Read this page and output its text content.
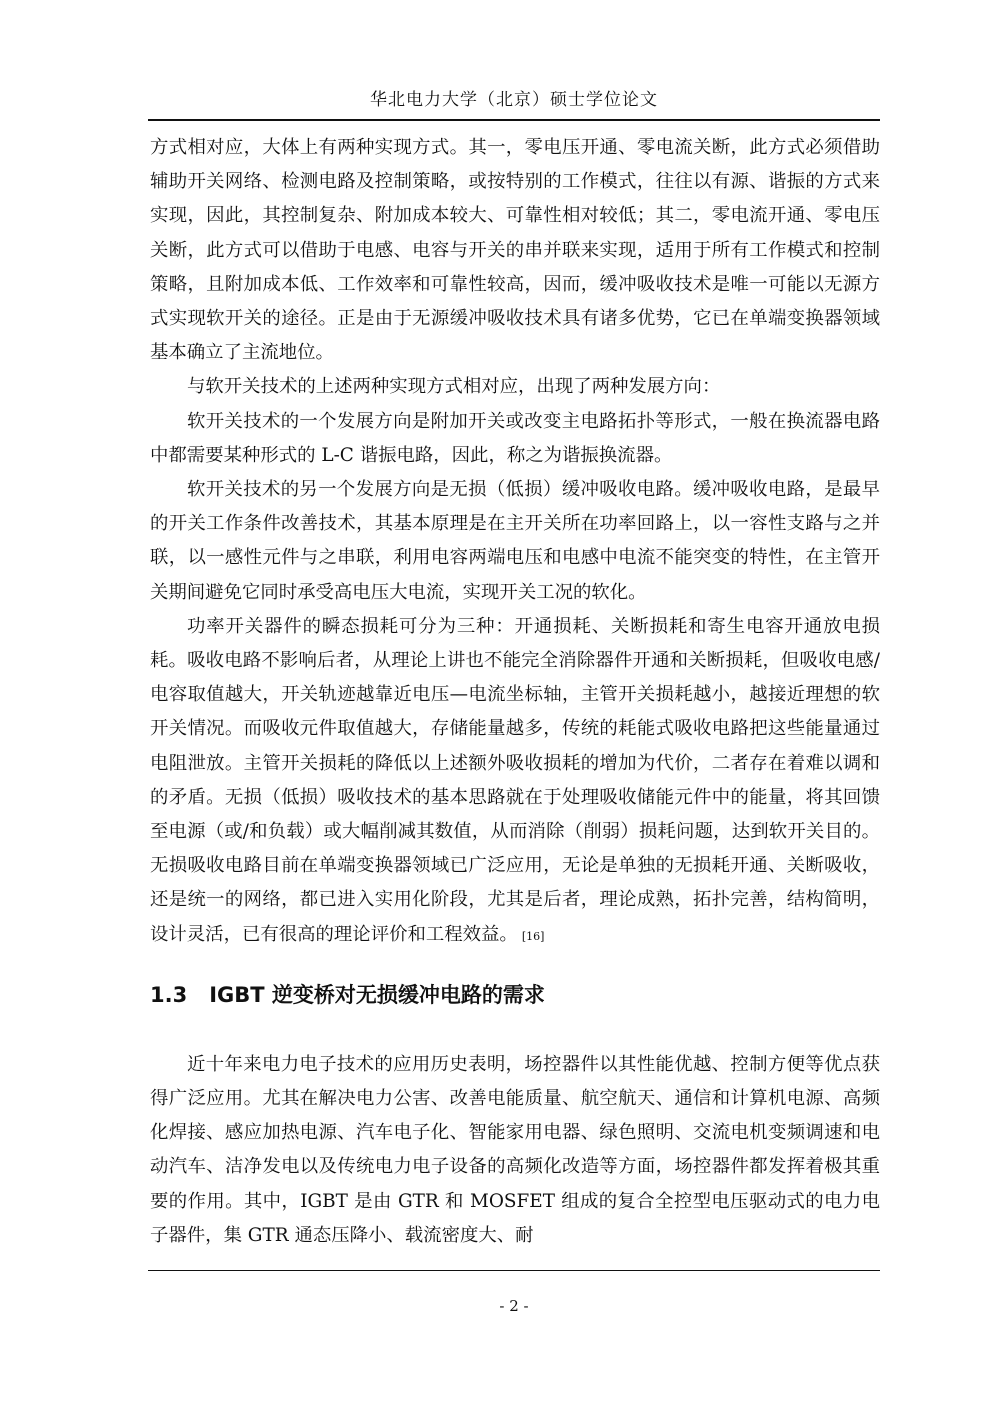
华北电力大学（北京）硕士学位论文

方式相对应，大体上有两种实现方式。其一，零电压开通、零电流关断，此方式必须借助辅助开关网络、检测电路及控制策略，或按特别的工作模式，往往以有源、谐振的方式来实现，因此，其控制复杂、附加成本较大、可靠性相对较低；其二，零电流开通、零电压关断，此方式可以借助于电感、电容与开关的串并联来实现，适用于所有工作模式和控制策略，且附加成本低、工作效率和可靠性较高，因而，缓冲吸收技术是唯一可能以无源方式实现软开关的途径。正是由于无源缓冲吸收技术具有诸多优势，它已在单端变换器领域基本确立了主流地位。

与软开关技术的上述两种实现方式相对应，出现了两种发展方向：

软开关技术的一个发展方向是附加开关或改变主电路拓扑等形式，一般在换流器电路中都需要某种形式的 L-C 谐振电路，因此，称之为谐振换流器。

软开关技术的另一个发展方向是无损（低损）缓冲吸收电路。缓冲吸收电路，是最早的开关工作条件改善技术，其基本原理是在主开关所在功率回路上，以一容性支路与之并联，以一感性元件与之串联，利用电容两端电压和电感中电流不能突变的特性，在主管开关期间避免它同时承受高电压大电流，实现开关工况的软化。

功率开关器件的瞬态损耗可分为三种：开通损耗、关断损耗和寄生电容开通放电损耗。吸收电路不影响后者，从理论上讲也不能完全消除器件开通和关断损耗，但吸收电感/电容取值越大，开关轨迹越靠近电压—电流坐标轴，主管开关损耗越小，越接近理想的软开关情况。而吸收元件取值越大，存储能量越多，传统的耗能式吸收电路把这些能量通过电阻泄放。主管开关损耗的降低以上述额外吸收损耗的增加为代价，二者存在着难以调和的矛盾。无损（低损）吸收技术的基本思路就在于处理吸收储能元件中的能量，将其回馈至电源（或/和负载）或大幅削减其数值，从而消除（削弱）损耗问题，达到软开关目的。无损吸收电路目前在单端变换器领域已广泛应用，无论是单独的无损耗开通、关断吸收，还是统一的网络，都已进入实用化阶段，尤其是后者，理论成熟，拓扑完善，结构简明，设计灵活，已有很高的理论评价和工程效益。 [16]

1.3 IGBT 逆变桥对无损缓冲电路的需求

近十年来电力电子技术的应用历史表明，场控器件以其性能优越、控制方便等优点获得广泛应用。尤其在解决电力公害、改善电能质量、航空航天、通信和计算机电源、高频化焊接、感应加热电源、汽车电子化、智能家用电器、绿色照明、交流电机变频调速和电动汽车、洁净发电以及传统电力电子设备的高频化改造等方面，场控器件都发挥着极其重要的作用。其中，IGBT 是由 GTR 和 MOSFET 组成的复合全控型电压驱动式的电力电子器件，集 GTR 通态压降小、载流密度大、耐

- 2 -
